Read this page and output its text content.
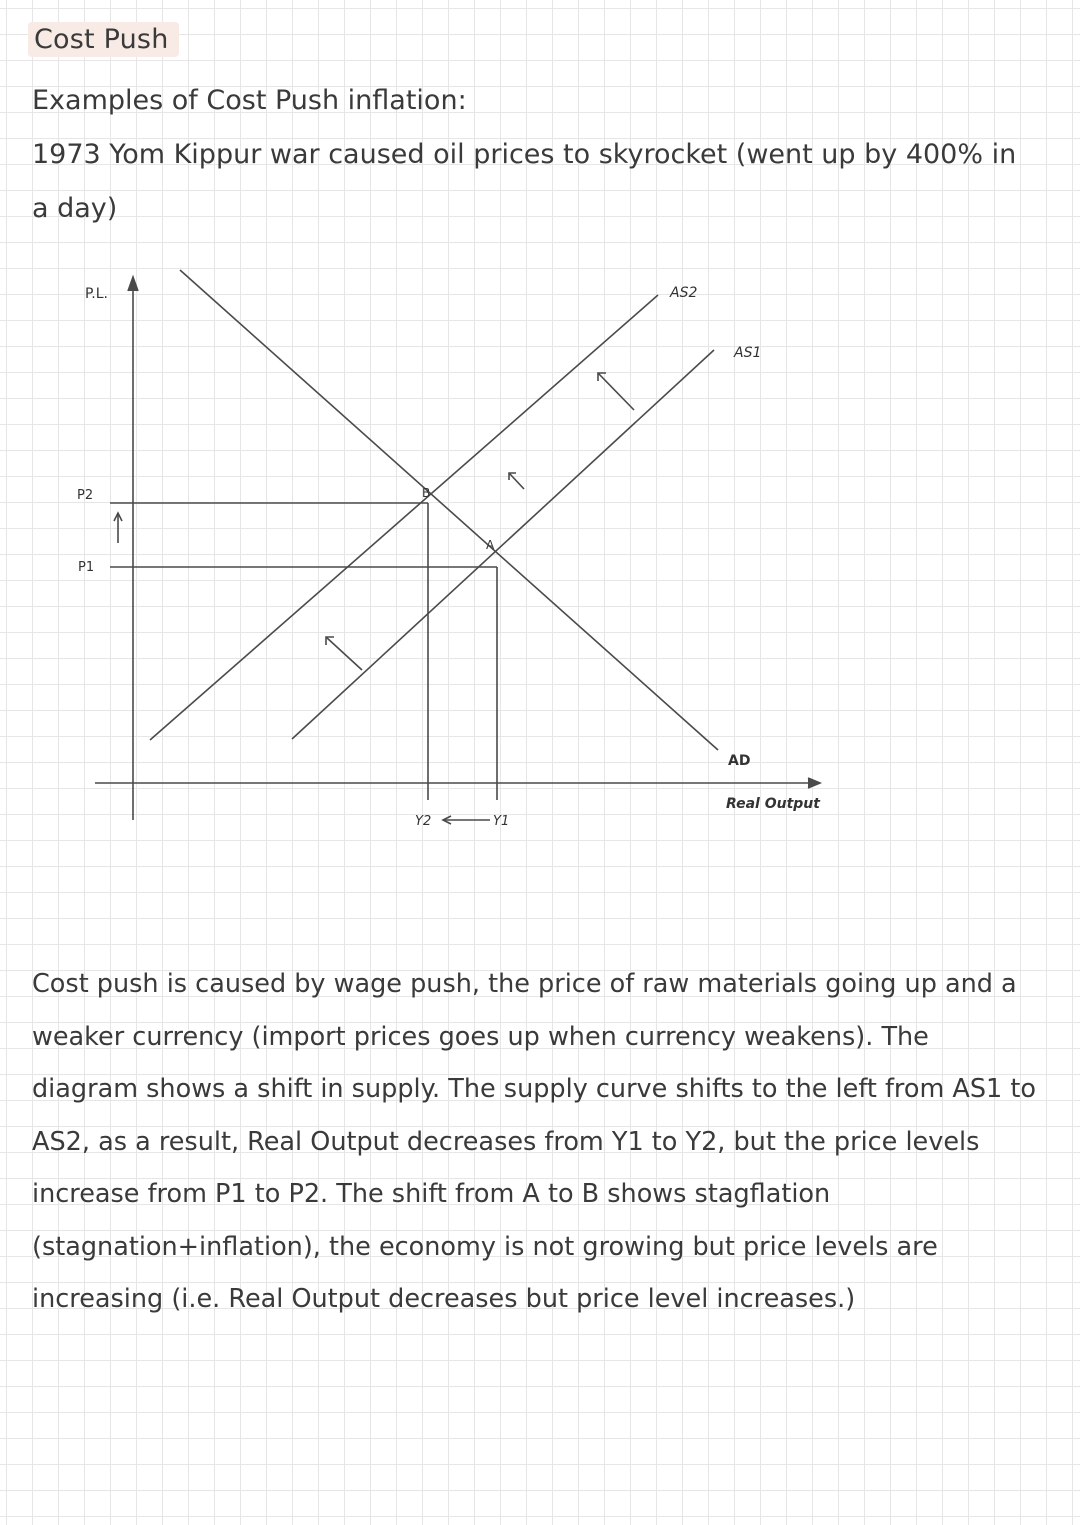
Cost Push

Examples of Cost Push inflation:

1973 Yom Kippur war caused oil prices to skyrocket (went up by 400% in a day)

P.L.
P2
P1
AS2
AS1
B
A
AD
Real Output
Y2	Y1

Cost push is caused by wage push, the price of raw materials going up and a weaker currency (import prices goes up when currency weakens). The diagram shows a shift in supply. The supply curve shifts to the left from AS1 to AS2, as a result, Real Output decreases from Y1 to Y2, but the price levels increase from P1 to P2. The shift from A to B shows stagflation (stagnation+inflation), the economy is not growing but price levels are increasing (i.e. Real Output decreases but price level increases.)
